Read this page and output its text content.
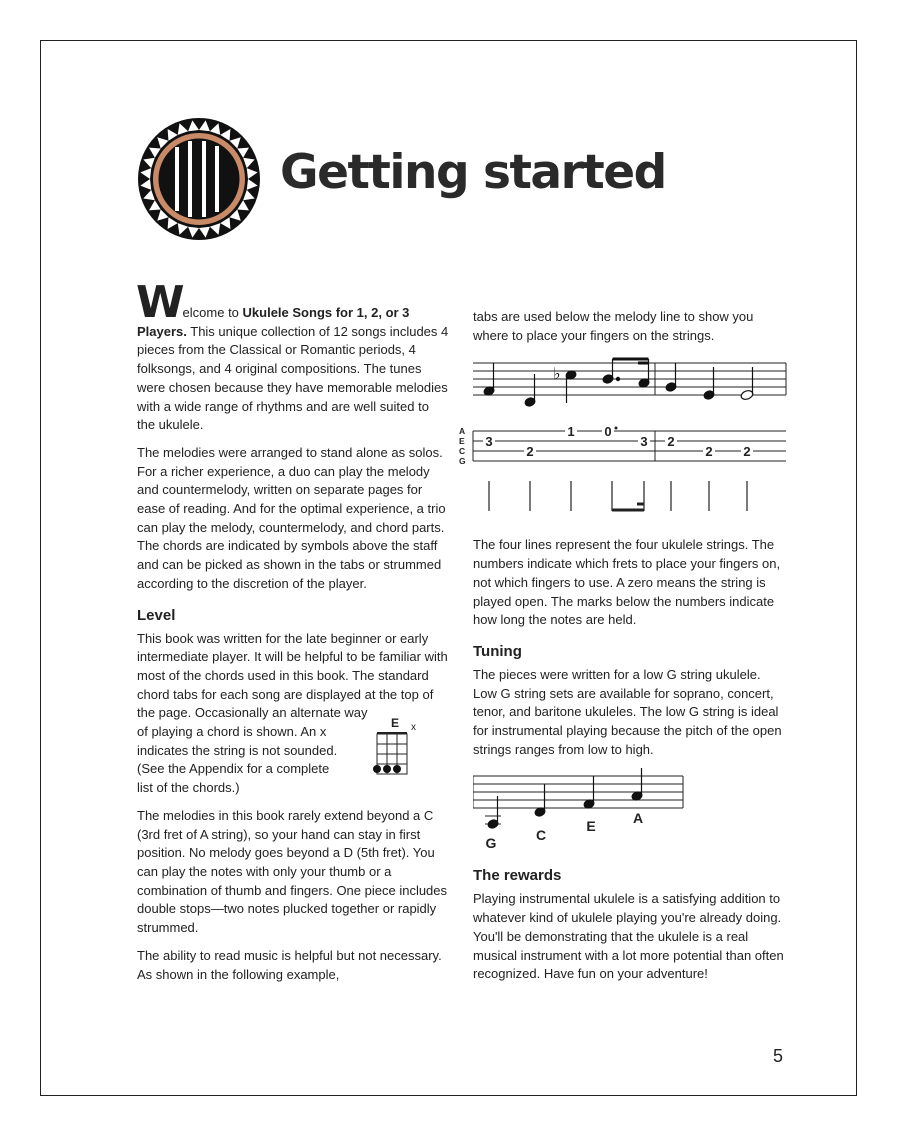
Getting started

W elcome to Ukulele Songs for 1, 2, or 3 Players. This unique collection of 12 songs includes 4 pieces from the Classical or Romantic periods, 4 folksongs, and 4 original compositions. The tunes were chosen because they have memorable melodies with a wide range of rhythms and are well suited to the ukulele.

The melodies were arranged to stand alone as solos. For a richer experience, a duo can play the melody and countermelody, written on separate pages for ease of reading. And for the optimal experience, a trio can play the melody, countermelody, and chord parts. The chords are indicated by symbols above the staff and can be picked as shown in the tabs or strummed according to the discretion of the player.

Level

This book was written for the late beginner or early intermediate player. It will be helpful to be familiar with most of the chords used in this book. The standard chord tabs for each song are displayed at the top of the page. Occasionally an alternate way

of playing a chord is shown. An x
indicates the string is not sounded.
(See the Appendix for a complete
list of the chords.)
E x

The melodies in this book rarely extend beyond a C (3rd fret of A string), so your hand can stay in first position. No melody goes beyond a D (5th fret). You can play the notes with only your thumb or a combination of thumb and fingers. One piece includes double stops—two notes plucked together or rapidly strummed.

The ability to read music is helpful but not necessary. As shown in the following example,

tabs are used below the melody line to show you where to place your fingers on the strings.

♭
A
E
C
G
3
2
1 0
3 2
2 2

The four lines represent the four ukulele strings. The numbers indicate which frets to place your fingers on, not which fingers to use. A zero means the string is played open. The marks below the numbers indicate how long the notes are held.

Tuning

The pieces were written for a low G string ukulele. Low G string sets are available for soprano, concert, tenor, and baritone ukuleles. The low G string is ideal for instrumental playing because the pitch of the open strings ranges from low to high.

G	C
E	A
The rewards

Playing instrumental ukulele is a satisfying addition to whatever kind of ukulele playing you're already doing. You'll be demonstrating that the ukulele is a real musical instrument with a lot more potential than often recognized. Have fun on your adventure!

5
